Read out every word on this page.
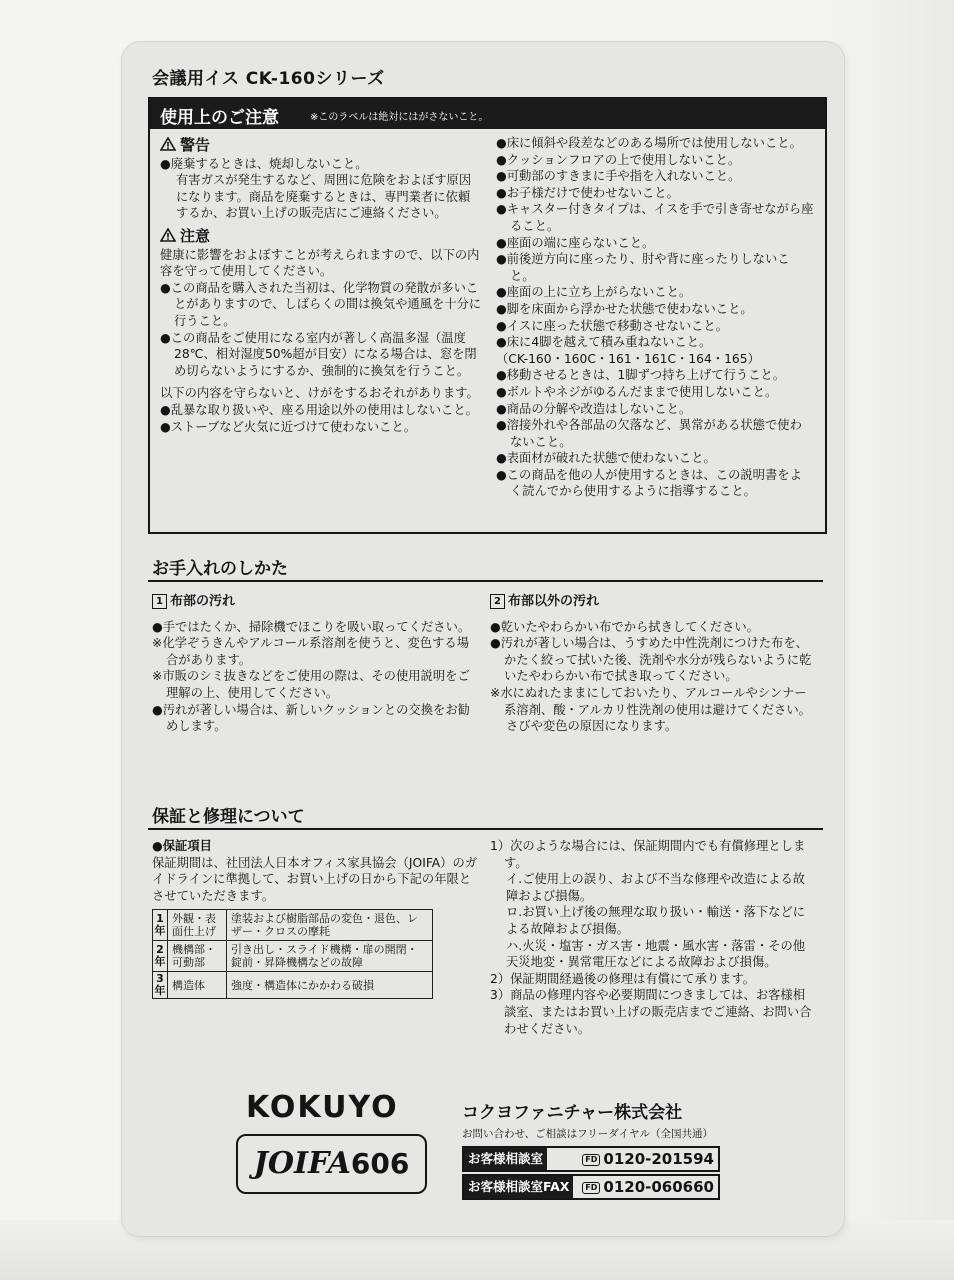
会議用イス CK-160シリーズ
使用上のご注意	※このラベルは絶対にはがさないこと。
警告

●廃棄するときは、焼却しないこと。

有害ガスが発生するなど、周囲に危険をおよぼす原因になります。商品を廃棄するときは、専門業者に依頼するか、お買い上げの販売店にご連絡ください。

注意

健康に影響をおよぼすことが考えられますので、以下の内容を守って使用してください。

●この商品を購入された当初は、化学物質の発散が多いことがありますので、しばらくの間は換気や通風を十分に行うこと。

●この商品をご使用になる室内が著しく高温多湿（温度28℃、相対湿度50%超が目安）になる場合は、窓を閉め切らないようにするか、強制的に換気を行うこと。

以下の内容を守らないと、けがをするおそれがあります。

●乱暴な取り扱いや、座る用途以外の使用はしないこと。

●ストーブなど火気に近づけて使わないこと。

●床に傾斜や段差などのある場所では使用しないこと。

●クッションフロアの上で使用しないこと。

●可動部のすきまに手や指を入れないこと。

●お子様だけで使わせないこと。

●キャスター付きタイプは、イスを手で引き寄せながら座ること。

●座面の端に座らないこと。

●前後逆方向に座ったり、肘や背に座ったりしないこと。

●座面の上に立ち上がらないこと。

●脚を床面から浮かせた状態で使わないこと。

●イスに座った状態で移動させないこと。

●床に4脚を越えて積み重ねないこと。

（CK-160・160C・161・161C・164・165）

●移動させるときは、1脚ずつ持ち上げて行うこと。

●ボルトやネジがゆるんだままで使用しないこと。

●商品の分解や改造はしないこと。

●溶接外れや各部品の欠落など、異常がある状態で使わないこと。

●表面材が破れた状態で使わないこと。

●この商品を他の人が使用するときは、この説明書をよく読んでから使用するように指導すること。

お手入れのしかた
1 布部の汚れ

●手ではたくか、掃除機でほこりを吸い取ってください。

※化学ぞうきんやアルコール系溶剤を使うと、変色する場合があります。

※市販のシミ抜きなどをご使用の際は、その使用説明をご理解の上、使用してください。

●汚れが著しい場合は、新しいクッションとの交換をお勧めします。

2 布部以外の汚れ

●乾いたやわらかい布でから拭きしてください。

●汚れが著しい場合は、うすめた中性洗剤につけた布を、かたく絞って拭いた後、洗剤や水分が残らないように乾いたやわらかい布で拭き取ってください。

※水にぬれたままにしておいたり、アルコールやシンナー系溶剤、酸・アルカリ性洗剤の使用は避けてください。

さびや変色の原因になります。

保証と修理について

●保証項目

保証期間は、社団法人日本オフィス家具協会（JOIFA）のガイドラインに準拠して、お買い上げの日から下記の年限とさせていただきます。

1年	外観・表面仕上げ	塗装および樹脂部品の変色・退色、レザー・クロスの摩耗
2年	機構部・可動部	引き出し・スライド機構・扉の開閉・錠前・昇降機構などの故障
3年	構造体	強度・構造体にかかわる破損

1）次のような場合には、保証期間内でも有償修理とします。

イ.ご使用上の誤り、および不当な修理や改造による故障および損傷。

ロ.お買い上げ後の無理な取り扱い・輸送・落下などによる故障および損傷。

ハ.火災・塩害・ガス害・地震・風水害・落雷・その他天災地変・異常電圧などによる故障および損傷。

2）保証期間経過後の修理は有償にて承ります。

3）商品の修理内容や必要期間につきましては、お客様相談室、またはお買い上げの販売店までご連絡、お問い合わせください。

KOKUYO	コクヨファニチャー株式会社
お問い合わせ、ご相談はフリーダイヤル（全国共通）
JOIFA606	お客様相談室	FD 0120-201594
お客様相談室FAX	FD 0120-060660
